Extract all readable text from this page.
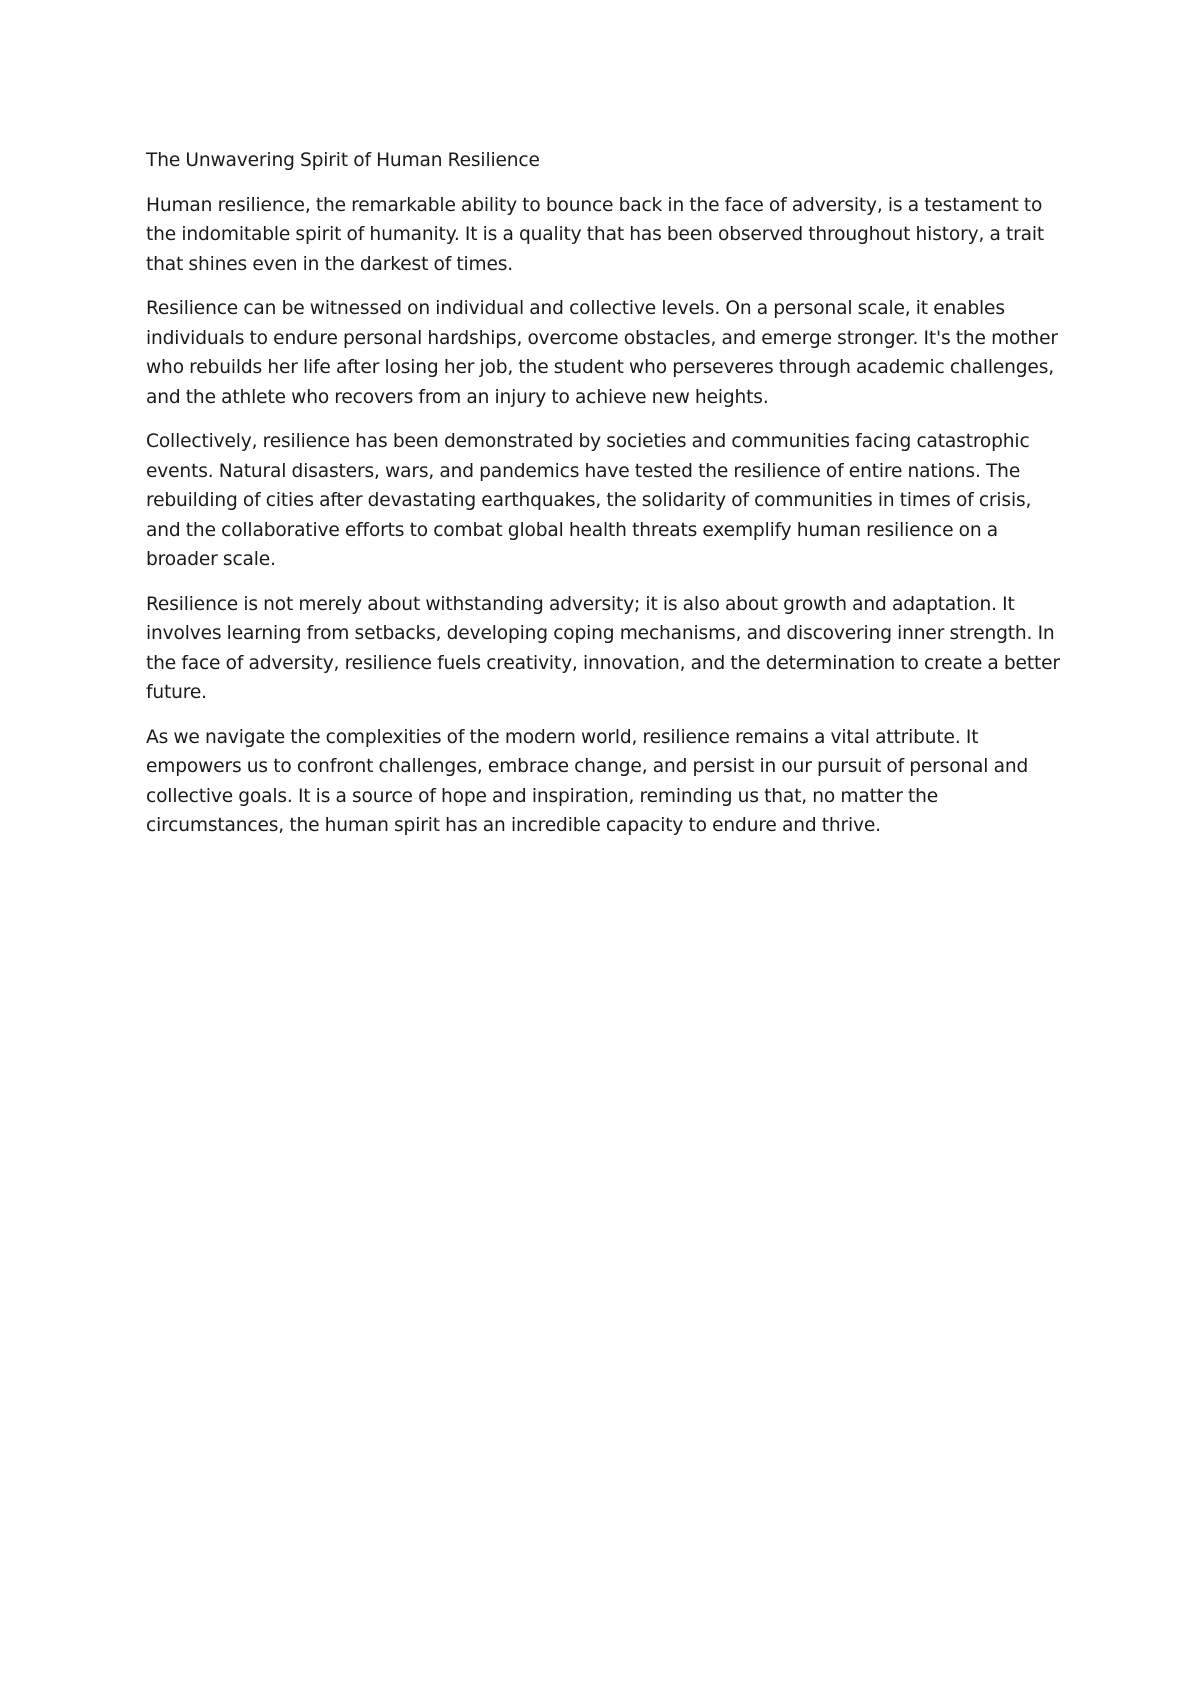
The Unwavering Spirit of Human Resilience

Human resilience, the remarkable ability to bounce back in the face of adversity, is a testament to the indomitable spirit of humanity. It is a quality that has been observed throughout history, a trait that shines even in the darkest of times.

Resilience can be witnessed on individual and collective levels. On a personal scale, it enables individuals to endure personal hardships, overcome obstacles, and emerge stronger. It's the mother who rebuilds her life after losing her job, the student who perseveres through academic challenges, and the athlete who recovers from an injury to achieve new heights.

Collectively, resilience has been demonstrated by societies and communities facing catastrophic events. Natural disasters, wars, and pandemics have tested the resilience of entire nations. The rebuilding of cities after devastating earthquakes, the solidarity of communities in times of crisis, and the collaborative efforts to combat global health threats exemplify human resilience on a broader scale.

Resilience is not merely about withstanding adversity; it is also about growth and adaptation. It involves learning from setbacks, developing coping mechanisms, and discovering inner strength. In the face of adversity, resilience fuels creativity, innovation, and the determination to create a better future.

As we navigate the complexities of the modern world, resilience remains a vital attribute. It empowers us to confront challenges, embrace change, and persist in our pursuit of personal and collective goals. It is a source of hope and inspiration, reminding us that, no matter the circumstances, the human spirit has an incredible capacity to endure and thrive.
